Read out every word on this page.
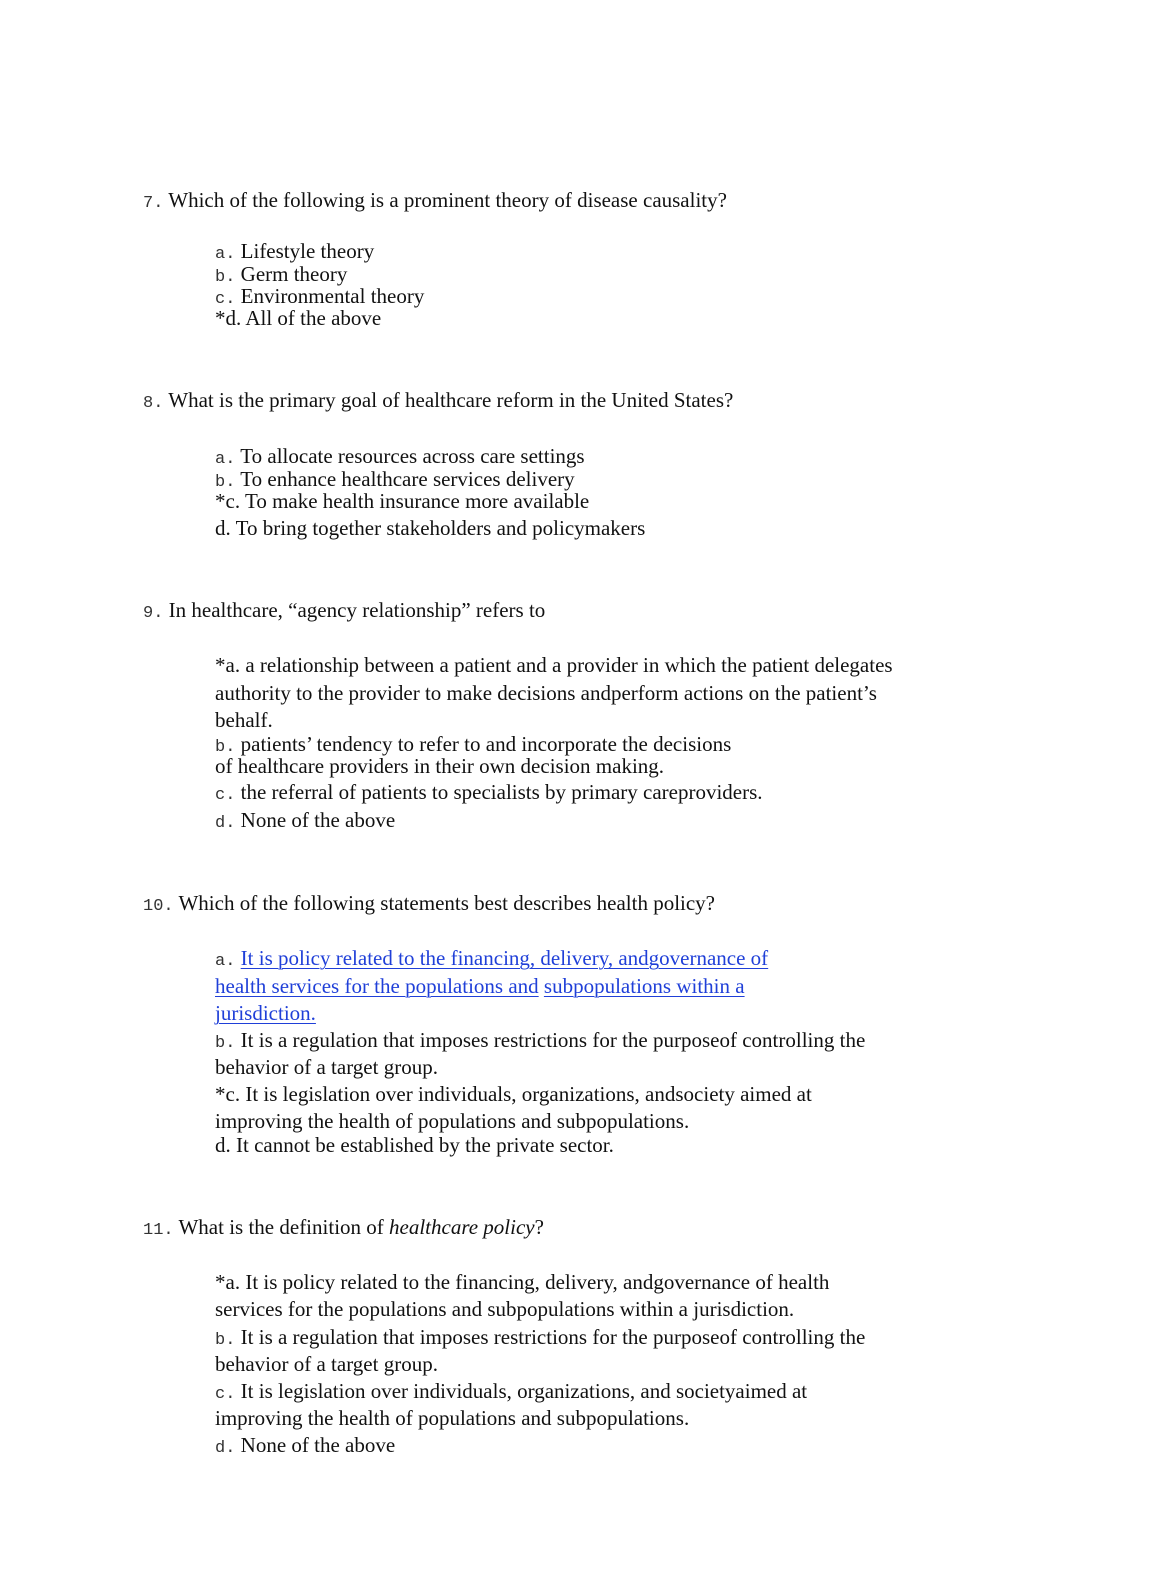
7. Which of the following is a prominent theory of disease causality?
a. Lifestyle theory
b. Germ theory
c. Environmental theory
*d. All of the above
8. What is the primary goal of healthcare reform in the United States?
a. To allocate resources across care settings
b. To enhance healthcare services delivery
*c. To make health insurance more available
d. To bring together stakeholders and policymakers
9. In healthcare, “agency relationship” refers to
*a. a relationship between a patient and a provider in which the patient delegates
authority to the provider to make decisions andperform actions on the patient’s
behalf.
b. patients’ tendency to refer to and incorporate the decisions
of healthcare providers in their own decision making.
c. the referral of patients to specialists by primary careproviders.
d. None of the above
10. Which of the following statements best describes health policy?
a. It is policy related to the financing, delivery, andgovernance of
health services for the populations and subpopulations within a
jurisdiction.
b. It is a regulation that imposes restrictions for the purposeof controlling the
behavior of a target group.
*c. It is legislation over individuals, organizations, andsociety aimed at
improving the health of populations and subpopulations.
d. It cannot be established by the private sector.
11. What is the definition of healthcare policy?
*a. It is policy related to the financing, delivery, andgovernance of health
services for the populations and subpopulations within a jurisdiction.
b. It is a regulation that imposes restrictions for the purposeof controlling the
behavior of a target group.
c. It is legislation over individuals, organizations, and societyaimed at
improving the health of populations and subpopulations.
d. None of the above
